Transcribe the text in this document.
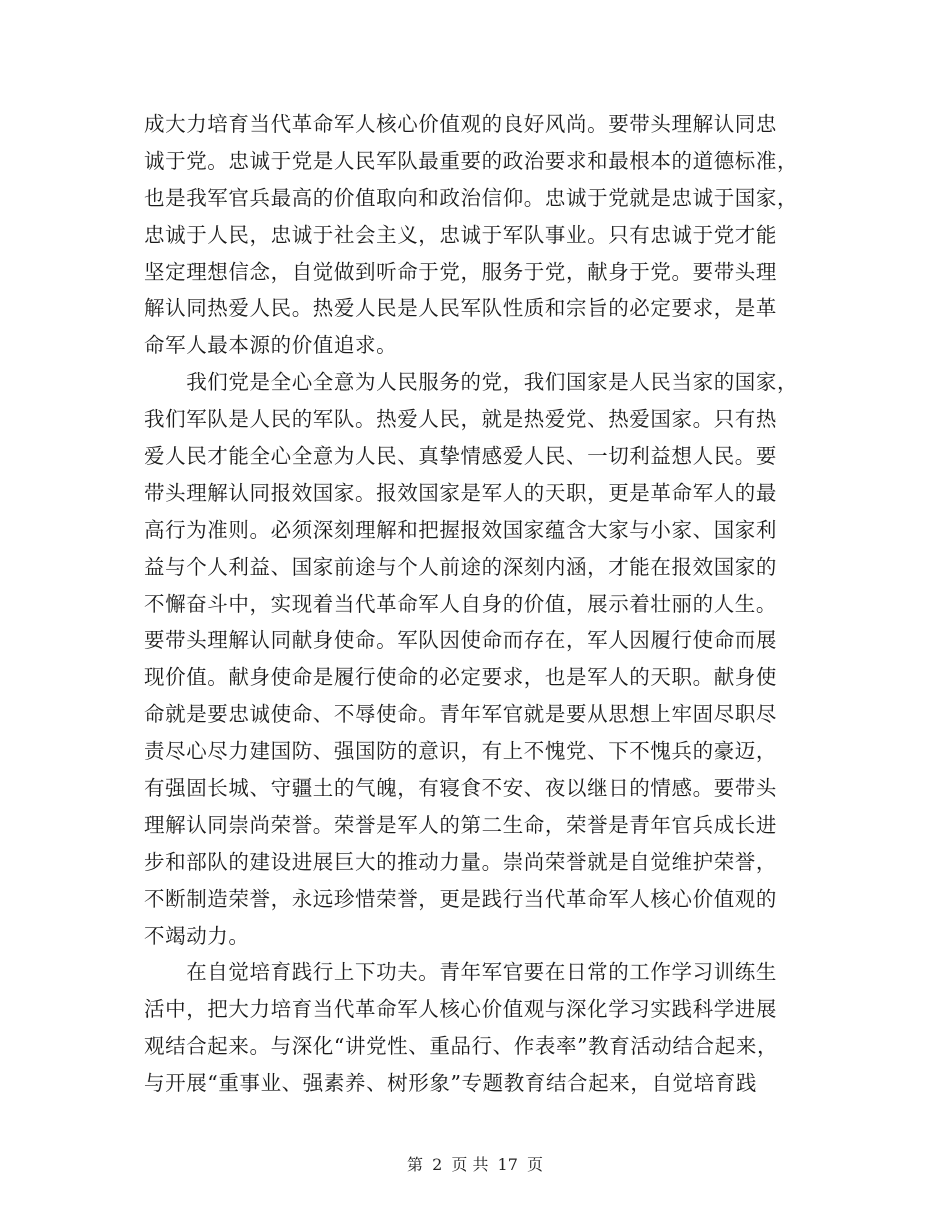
成大力培育当代革命军人核心价值观的良好风尚。要带头理解认同忠
诚于党。忠诚于党是人民军队最重要的政治要求和最根本的道德标准，
也是我军官兵最高的价值取向和政治信仰。忠诚于党就是忠诚于国家，
忠诚于人民，忠诚于社会主义，忠诚于军队事业。只有忠诚于党才能
坚定理想信念，自觉做到听命于党，服务于党，献身于党。要带头理
解认同热爱人民。热爱人民是人民军队性质和宗旨的必定要求，是革
命军人最本源的价值追求。
　　我们党是全心全意为人民服务的党，我们国家是人民当家的国家，
我们军队是人民的军队。热爱人民，就是热爱党、热爱国家。只有热
爱人民才能全心全意为人民、真挚情感爱人民、一切利益想人民。要
带头理解认同报效国家。报效国家是军人的天职，更是革命军人的最
高行为准则。必须深刻理解和把握报效国家蕴含大家与小家、国家利
益与个人利益、国家前途与个人前途的深刻内涵，才能在报效国家的
不懈奋斗中，实现着当代革命军人自身的价值，展示着壮丽的人生。
要带头理解认同献身使命。军队因使命而存在，军人因履行使命而展
现价值。献身使命是履行使命的必定要求，也是军人的天职。献身使
命就是要忠诚使命、不辱使命。青年军官就是要从思想上牢固尽职尽
责尽心尽力建国防、强国防的意识，有上不愧党、下不愧兵的豪迈，
有强固长城、守疆土的气魄，有寝食不安、夜以继日的情感。要带头
理解认同崇尚荣誉。荣誉是军人的第二生命，荣誉是青年官兵成长进
步和部队的建设进展巨大的推动力量。崇尚荣誉就是自觉维护荣誉，
不断制造荣誉，永远珍惜荣誉，更是践行当代革命军人核心价值观的
不竭动力。
　　在自觉培育践行上下功夫。青年军官要在日常的工作学习训练生
活中，把大力培育当代革命军人核心价值观与深化学习实践科学进展
观结合起来。与深化“讲党性、重品行、作表率”教育活动结合起来，
与开展“重事业、强素养、树形象”专题教育结合起来，自觉培育践
第 2 页 共 17 页
